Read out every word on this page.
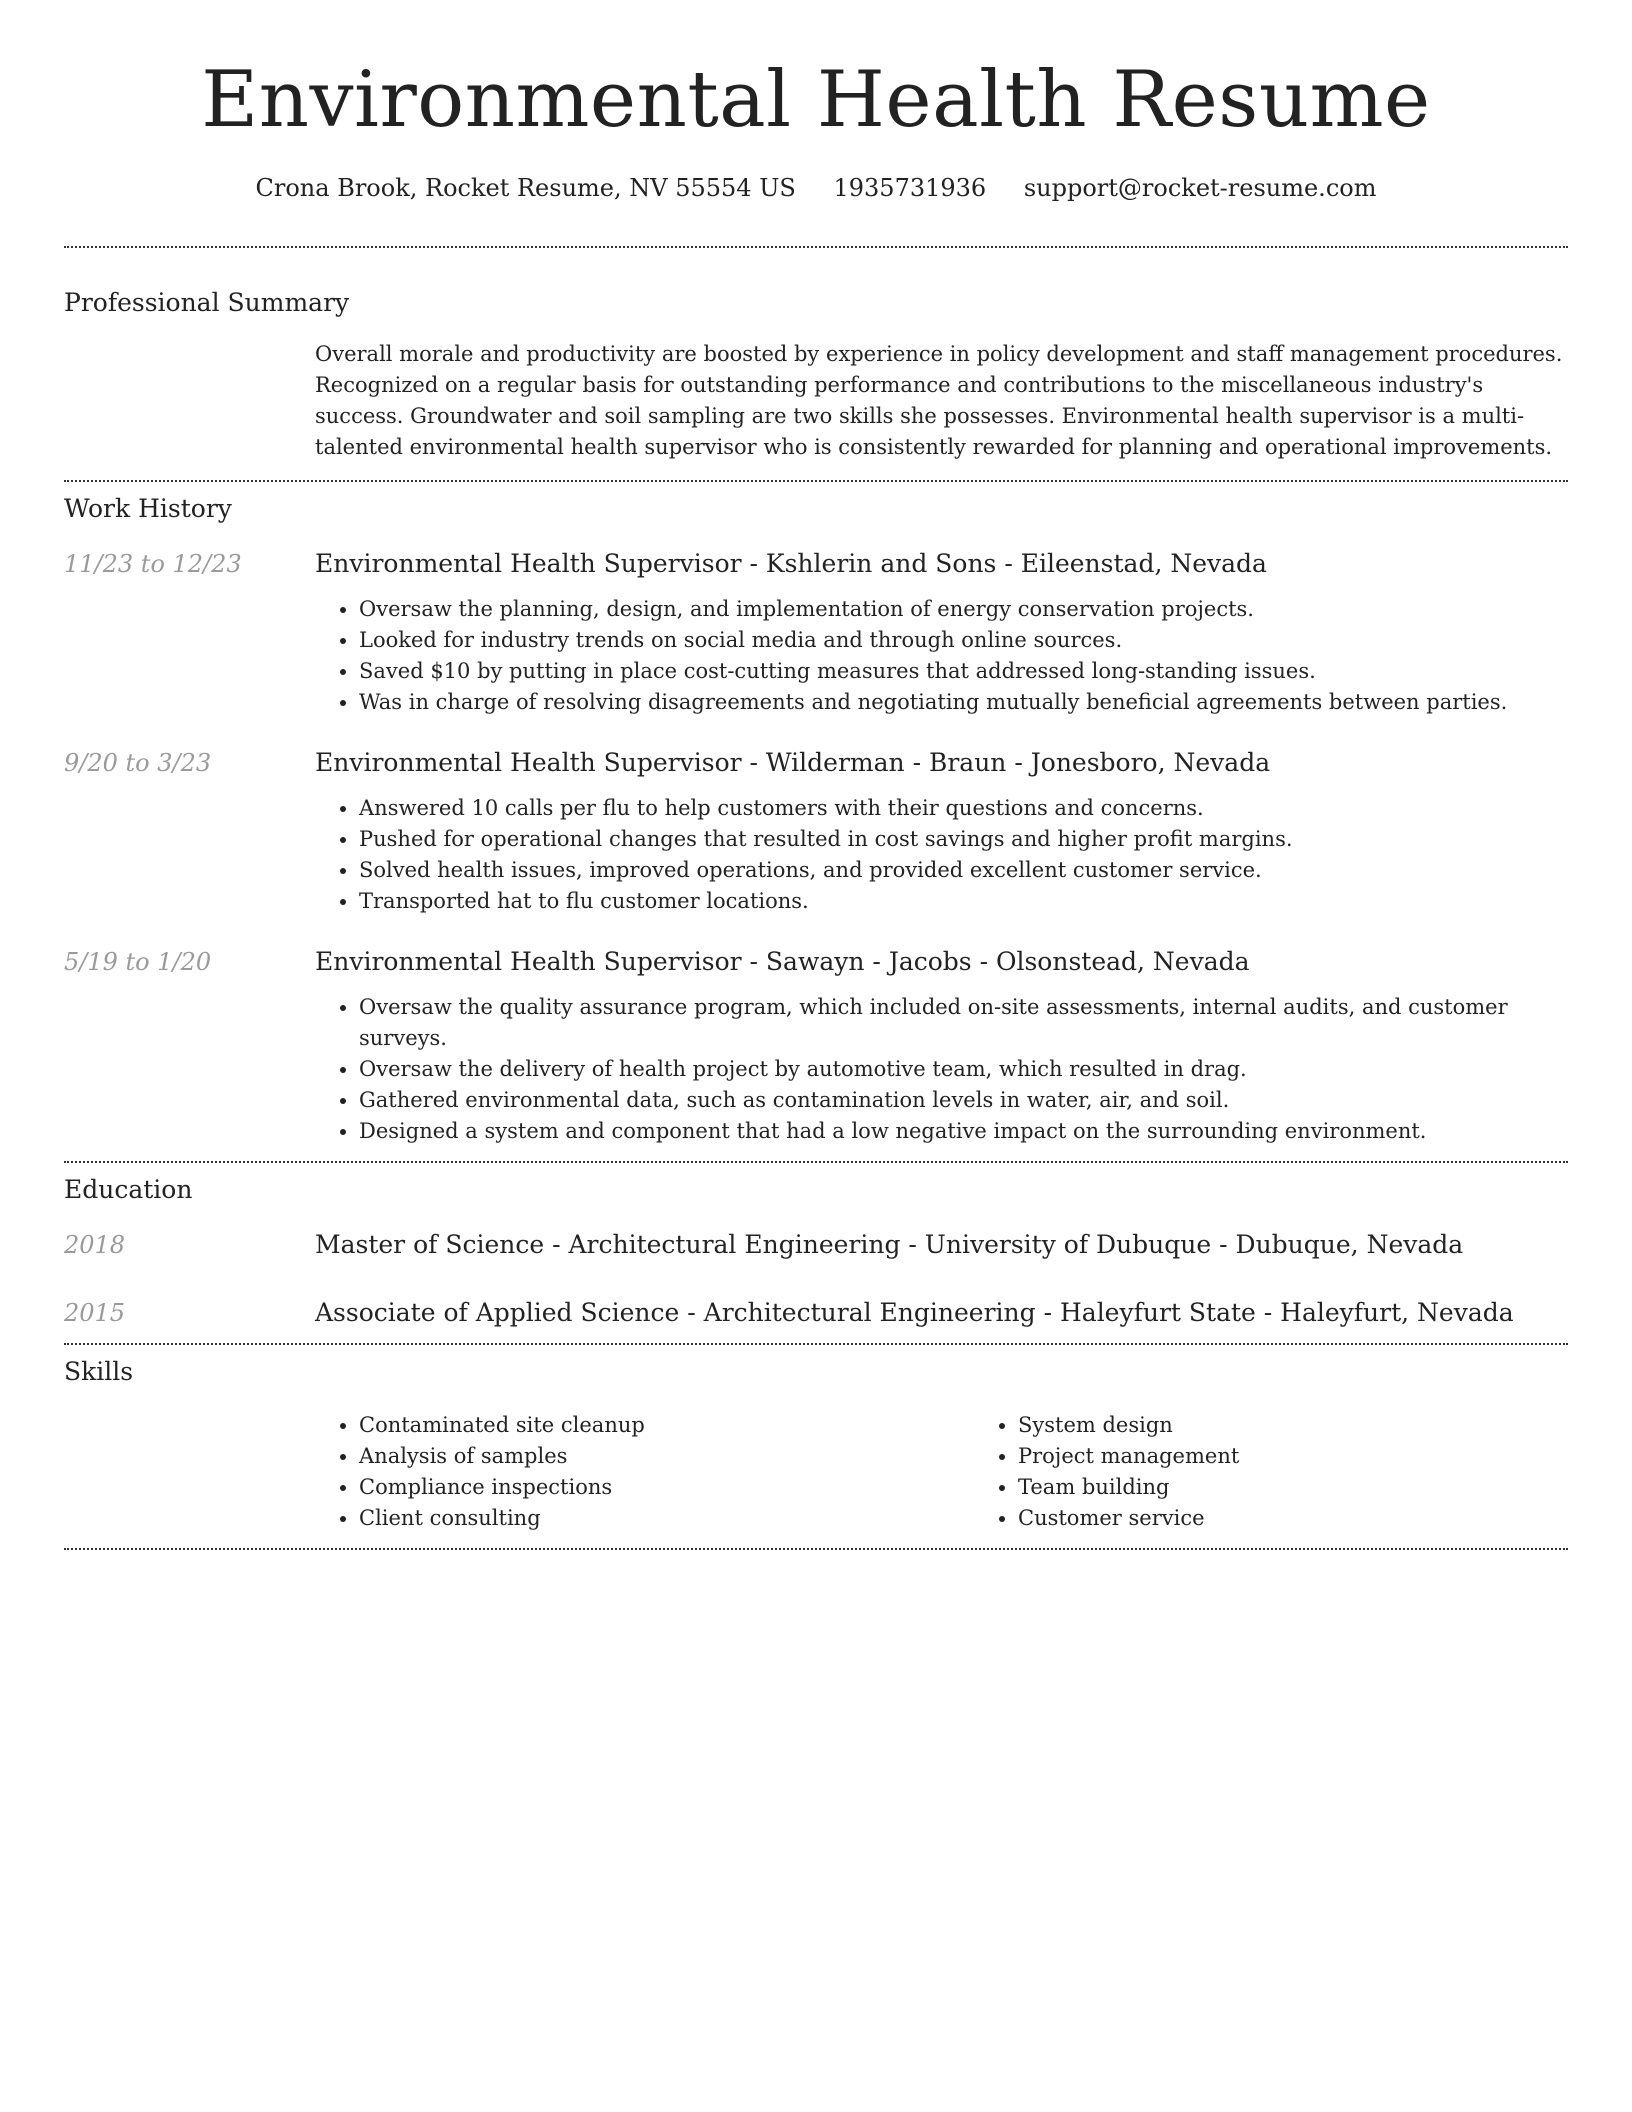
Environmental Health Resume
Crona Brook, Rocket Resume, NV 55554 US 1935731936 support@rocket-resume.com
Professional Summary

Overall morale and productivity are boosted by experience in policy development and staff management procedures. Recognized on a regular basis for outstanding performance and contributions to the miscellaneous industry's success. Groundwater and soil sampling are two skills she possesses. Environmental health supervisor is a multi-talented environmental health supervisor who is consistently rewarded for planning and operational improvements.

Work History
11/23 to 12/23	Environmental Health Supervisor - Kshlerin and Sons - Eileenstad, Nevada
• Oversaw the planning, design, and implementation of energy conservation projects.
• Looked for industry trends on social media and through online sources.
• Saved $10 by putting in place cost-cutting measures that addressed long-standing issues.
• Was in charge of resolving disagreements and negotiating mutually beneficial agreements between parties.
9/20 to 3/23	Environmental Health Supervisor - Wilderman - Braun - Jonesboro, Nevada
• Answered 10 calls per flu to help customers with their questions and concerns.
• Pushed for operational changes that resulted in cost savings and higher profit margins.
• Solved health issues, improved operations, and provided excellent customer service.
• Transported hat to flu customer locations.
5/19 to 1/20	Environmental Health Supervisor - Sawayn - Jacobs - Olsonstead, Nevada
• Oversaw the quality assurance program, which included on-site assessments, internal audits, and customer surveys.
• Oversaw the delivery of health project by automotive team, which resulted in drag.
• Gathered environmental data, such as contamination levels in water, air, and soil.
• Designed a system and component that had a low negative impact on the surrounding environment.
Education
2018	Master of Science - Architectural Engineering - University of Dubuque - Dubuque, Nevada
2015	Associate of Applied Science - Architectural Engineering - Haleyfurt State - Haleyfurt, Nevada
Skills
• Contaminated site cleanup
• Analysis of samples
• Compliance inspections
• Client consulting
• System design
• Project management
• Team building
• Customer service
